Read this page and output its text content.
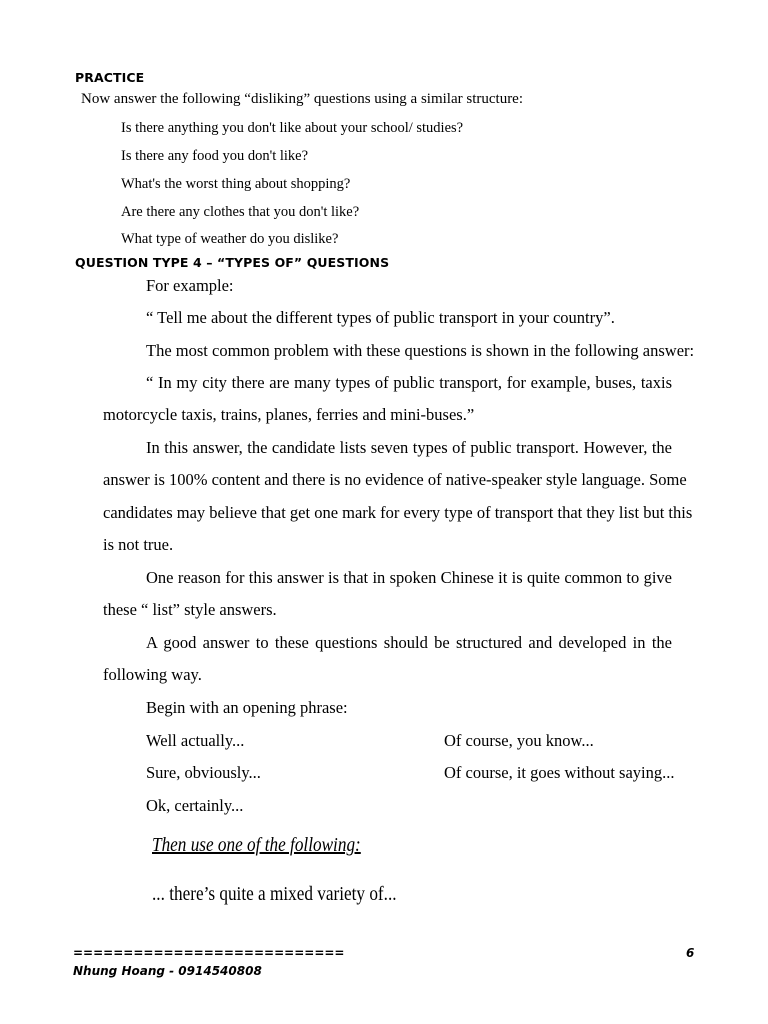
PRACTICE
Now answer the following “disliking” questions using a similar structure:
Is there anything you don't like about your school/ studies?
Is there any food you don't like?
What's the worst thing about shopping?
Are there any clothes that you don't like?
What type of weather do you dislike?
QUESTION TYPE 4 – “TYPES OF” QUESTIONS
For example:
“ Tell me about the different types of public transport in your country”.
The most common problem with these questions is shown in the following answer:
“ In my city there are many types of public transport, for example, buses, taxis
motorcycle taxis, trains, planes, ferries and mini-buses.”
In this answer, the candidate lists seven types of public transport. However, the
answer is 100% content and there is no evidence of native-speaker style language. Some
candidates may believe that get one mark for every type of transport that they list but this
is not true.
One reason for this answer is that in spoken Chinese it is quite common to give
these “ list” style answers.
A good answer to these questions should be structured and developed in the
following way.
Begin with an opening phrase:
Well actually...	Of course, you know...
Sure, obviously...	Of course, it goes without saying...
Ok, certainly...
Then use one of the following:
... there’s quite a mixed variety of...
===========================	6
Nhung Hoang - 0914540808
